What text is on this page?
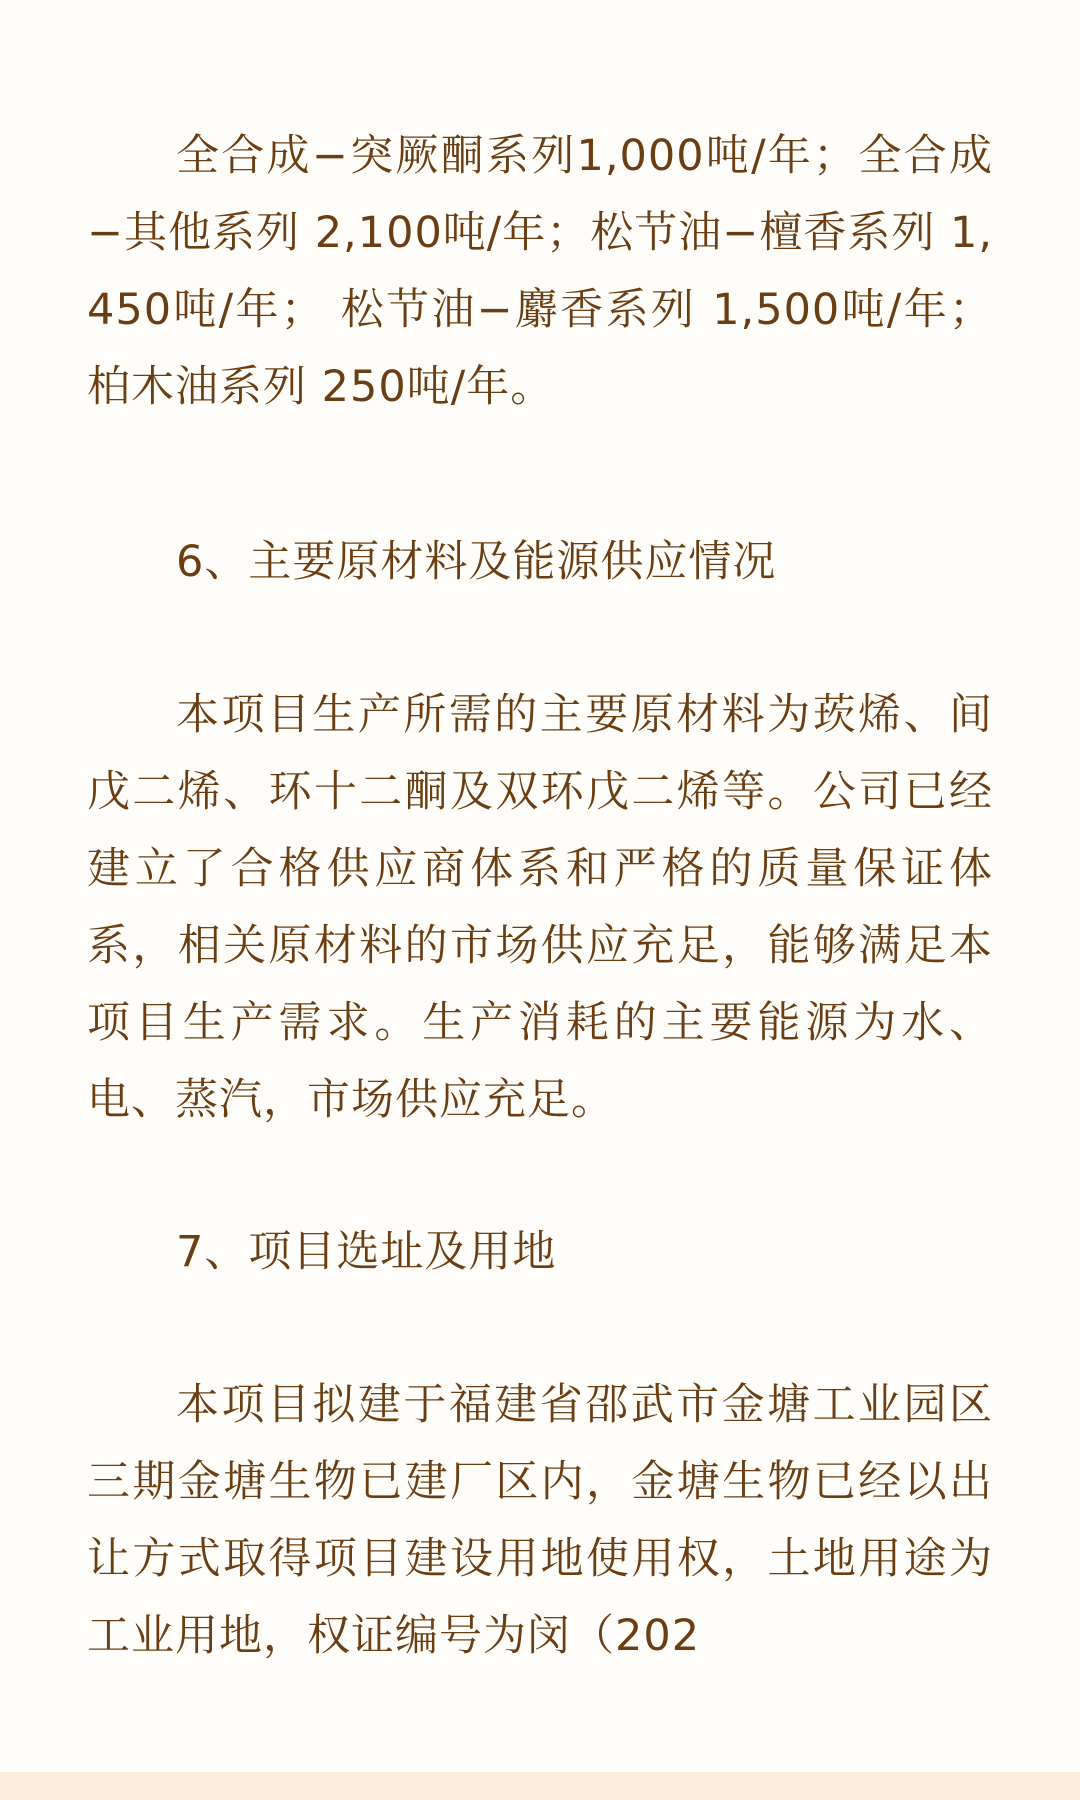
全合成−突厥酮系列1,000吨/年；全合成−其他系列 2,100吨/年；松节油−檀香系列 1,450吨/年； 松节油−麝香系列 1,500吨/年； 柏木油系列 250吨/年。

6、主要原材料及能源供应情况

本项目生产所需的主要原材料为莰烯、间戊二烯、环十二酮及双环戊二烯等。公司已经建立了合格供应商体系和严格的质量保证体系，相关原材料的市场供应充足，能够满足本项目生产需求。生产消耗的主要能源为水、电、蒸汽，市场供应充足。

7、项目选址及用地

本项目拟建于福建省邵武市金塘工业园区三期金塘生物已建厂区内，金塘生物已经以出让方式取得项目建设用地使用权，土地用途为工业用地，权证编号为闵（202
